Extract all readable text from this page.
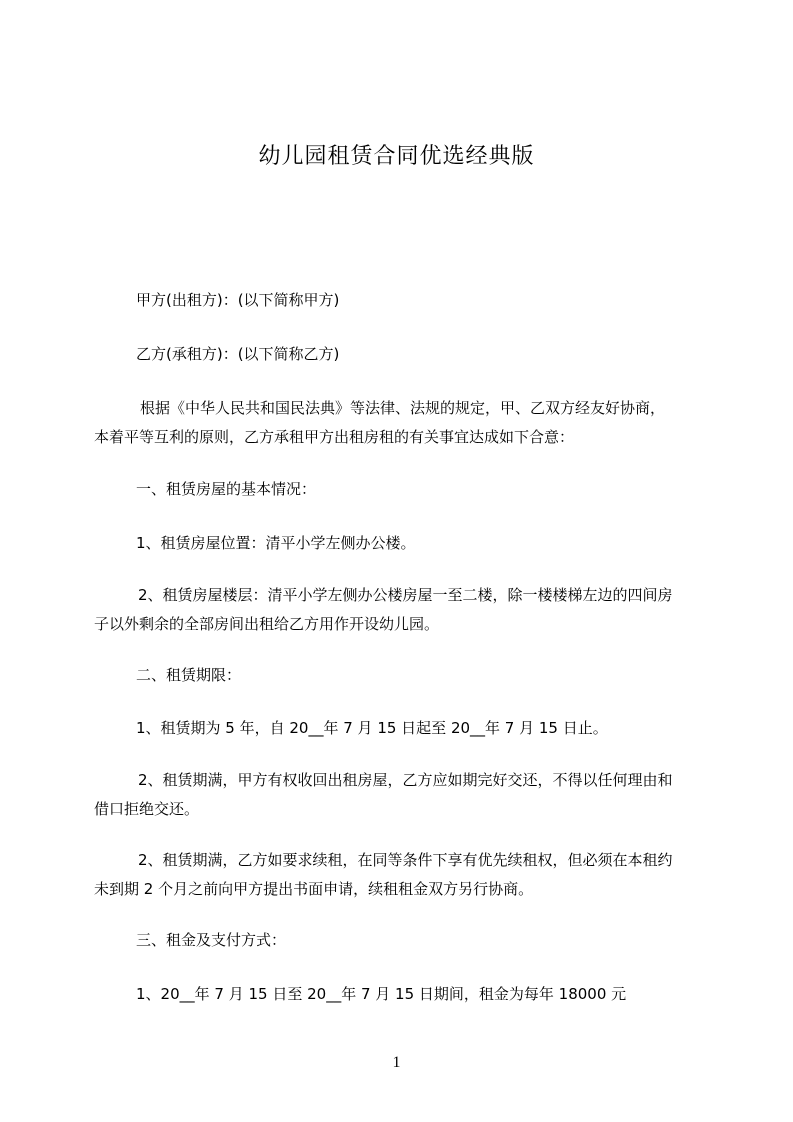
幼儿园租赁合同优选经典版
甲方(出租方)：(以下简称甲方)
乙方(承租方)：(以下简称乙方)
根据《中华人民共和国民法典》等法律、法规的规定，甲、乙双方经友好协商，
本着平等互利的原则，乙方承租甲方出租房租的有关事宜达成如下合意：
一、租赁房屋的基本情况：
1、租赁房屋位置：清平小学左侧办公楼。
2、租赁房屋楼层：清平小学左侧办公楼房屋一至二楼，除一楼楼梯左边的四间房
子以外剩余的全部房间出租给乙方用作开设幼儿园。
二、租赁期限：
1、租赁期为 5 年，自 20__年 7 月 15 日起至 20__年 7 月 15 日止。
2、租赁期满，甲方有权收回出租房屋，乙方应如期完好交还，不得以任何理由和
借口拒绝交还。
2、租赁期满，乙方如要求续租，在同等条件下享有优先续租权，但必须在本租约
未到期 2 个月之前向甲方提出书面申请，续租租金双方另行协商。
三、租金及支付方式：
1、20__年 7 月 15 日至 20__年 7 月 15 日期间，租金为每年 18000 元
1
